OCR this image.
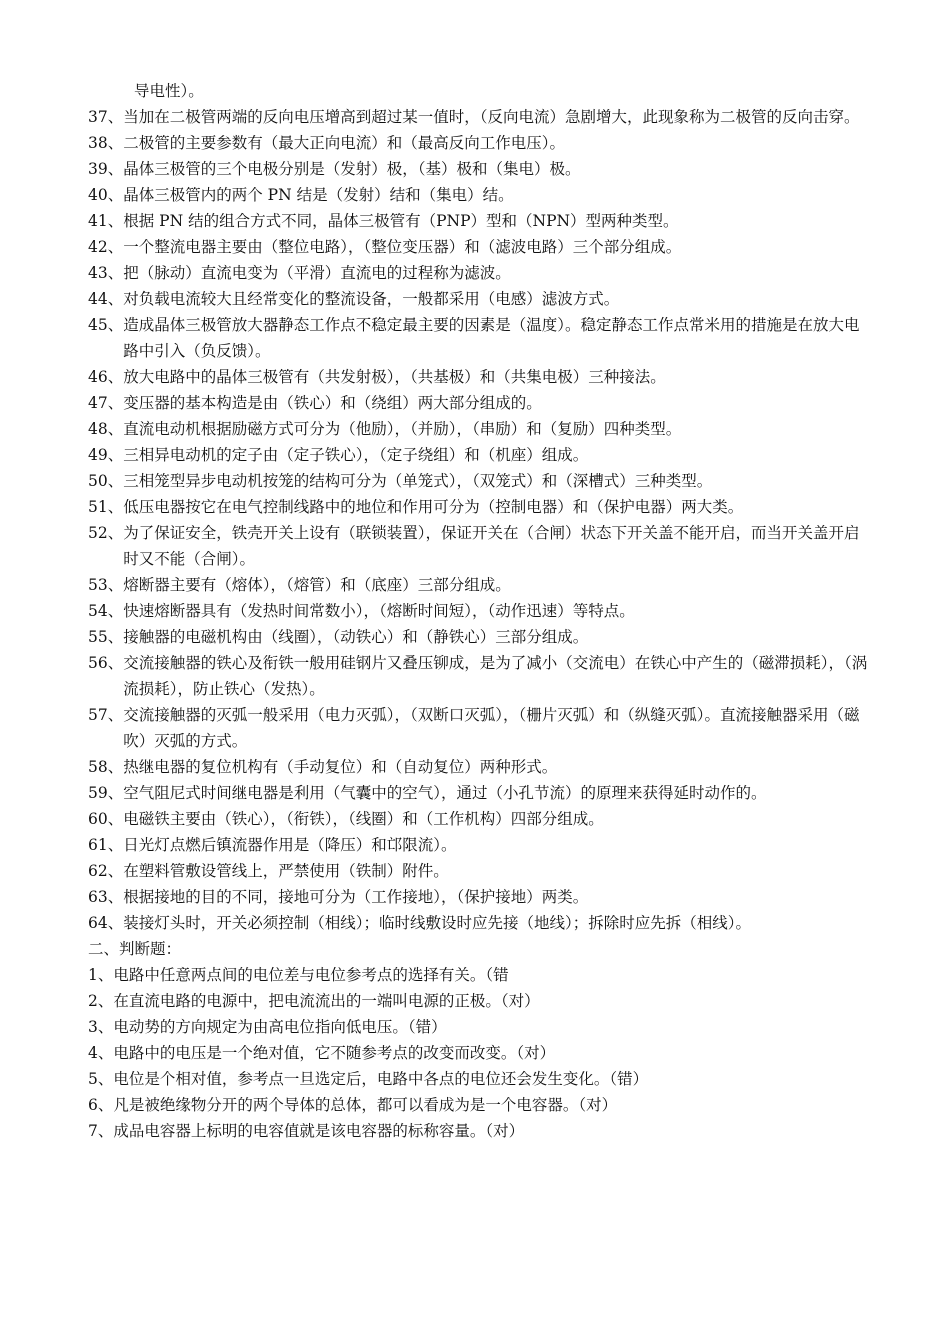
导电性）。
37、 当加在二极管两端的反向电压增高到超过某一值时，（反向电流）急剧增大，此现象称为二极管的反向击穿。
38、 二极管的主要参数有（最大正向电流）和（最高反向工作电压）。
39、 晶体三极管的三个电极分别是（发射）极，（基）极和（集电）极。
40、 晶体三极管内的两个 PN 结是（发射）结和（集电）结。
41、 根据 PN 结的组合方式不同，晶体三极管有（PNP）型和（NPN）型两种类型。
42、 一个整流电器主要由（整位电路），（整位变压器）和（滤波电路）三个部分组成。
43、 把（脉动）直流电变为（平滑）直流电的过程称为滤波。
44、 对负载电流较大且经常变化的整流设备，一般都采用（电感）滤波方式。
45、 造成晶体三极管放大器静态工作点不稳定最主要的因素是（温度）。稳定静态工作点常米用的措施是在放大电路中引入（负反馈）。
46、 放大电路中的晶体三极管有（共发射极），（共基极）和（共集电极）三种接法。
47、 变压器的基本构造是由（铁心）和（绕组）两大部分组成的。
48、 直流电动机根据励磁方式可分为（他励），（并励），（串励）和（复励）四种类型。
49、 三相异电动机的定子由（定子铁心），（定子绕组）和（机座）组成。
50、 三相笼型异步电动机按笼的结构可分为（单笼式），（双笼式）和（深槽式）三种类型。
51、 低压电器按它在电气控制线路中的地位和作用可分为（控制电器）和（保护电器）两大类。
52、 为了保证安全，铁壳开关上设有（联锁装置），保证开关在（合闸）状态下开关盖不能开启，而当开关盖开启时又不能（合闸）。
53、 熔断器主要有（熔体），（熔管）和（底座）三部分组成。
54、 快速熔断器具有（发热时间常数小），（熔断时间短），（动作迅速）等特点。
55、 接触器的电磁机构由（线圈），（动铁心）和（静铁心）三部分组成。
56、 交流接触器的铁心及衔铁一般用硅钢片又叠压铆成，是为了减小（交流电）在铁心中产生的（磁滞损耗），（涡流损耗），防止铁心（发热）。
57、 交流接触器的灭弧一般采用（电力灭弧），（双断口灭弧），（栅片灭弧）和（纵缝灭弧）。直流接触器采用（磁吹）灭弧的方式。
58、 热继电器的复位机构有（手动复位）和（自动复位）两种形式。
59、 空气阻尼式时间继电器是利用（气囊中的空气），通过（小孔节流）的原理来获得延时动作的。
60、 电磁铁主要由（铁心），（衔铁），（线圈）和（工作机构）四部分组成。
61、 日光灯点燃后镇流器作用是（降压）和邙限流）。
62、 在塑料管敷设管线上，严禁使用（铁制）附件。
63、 根据接地的目的不同，接地可分为（工作接地），（保护接地）两类。
64、 装接灯头时，开关必须控制（相线）；临时线敷设时应先接（地线）；拆除时应先拆（相线）。
二、判断题：
1、 电路中任意两点间的电位差与电位参考点的选择有关。（错
2、 在直流电路的电源中，把电流流出的一端叫电源的正极。（对）
3、 电动势的方向规定为由高电位指向低电压。（错）
4、 电路中的电压是一个绝对值，它不随参考点的改变而改变。（对）
5、 电位是个相对值，参考点一旦选定后，电路中各点的电位还会发生变化。（错）
6、 凡是被绝缘物分开的两个导体的总体，都可以看成为是一个电容器。（对）
7、 成品电容器上标明的电容值就是该电容器的标称容量。（对）
